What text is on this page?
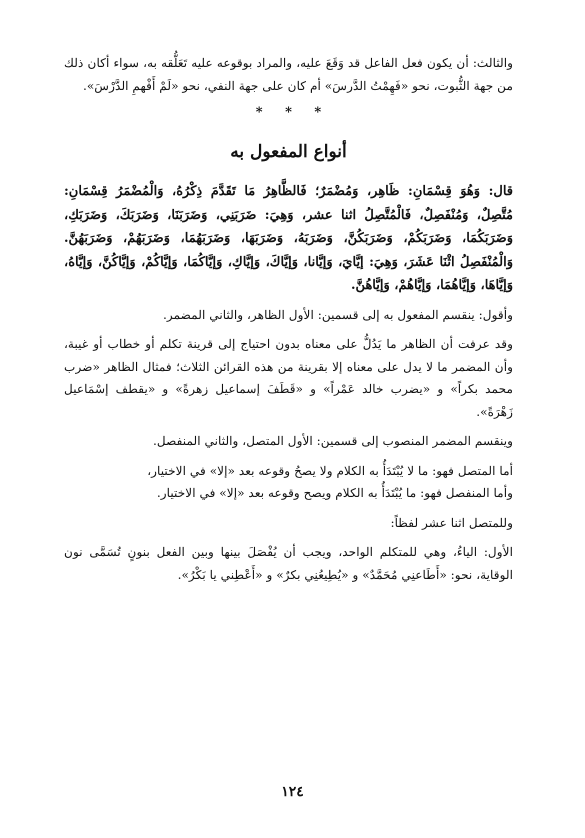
والثالث: أن يكون فعل الفاعل قد وَقَعَ عليه، والمراد بوقوعه عليه تَعَلُّقه به، سواء أكان ذلك من جهة الثُّبوت، نحو «فَهِمْتُ الدَّرسَ» أم كان على جهة النفي، نحو «لَمْ أَفْهمِ الدَّرْسَ».

* * *
أنواع المفعول به

قال: وَهُوَ قِسْمَانِ: ظَاهِر، وَمُضْمَرٌ؛ فَالظَّاهِرُ مَا تَقَدَّمَ ذِكْرُهُ، وَالْمُضْمَرُ قِسْمَانِ: مُتَّصِلٌ، وَمُنْفَصِلٌ، فَالْمُتَّصِلُ اثنا عشر، وَهِيَ: ضَرَبَنِي، وَضَرَبَنَا، وَضَرَبَكَ، وَضَرَبَكِ، وَضَرَبَكُمَا، وَضَرَبَكُمْ، وَضَرَبَكُنَّ، وَضَرَبَهُ، وَضَرَبَهَا، وَضَرَبَهُمَا، وَضَرَبَهُمْ، وَضَرَبَهُنَّ. وَالْمُنْفَصِلُ اثْنَا عَشَرَ، وَهِيَ: إيَّايَ، وَإيَّانا، وَإيَّاكَ، وَإيَّاكِ، وَإيَّاكُمَا، وَإيَّاكُمْ، وَإيَّاكُنَّ، وَإيَّاهُ، وَإيَّاهَا، وَإيَّاهُمَا، وَإيَّاهُمْ، وَإيَّاهُنَّ.

وأقول: ينقسم المفعول به إلى قسمين: الأول الظاهر، والثاني المضمر.

وقد عرفت أن الظاهر ما يَدُلُّ على معناه بدون احتياج إلى قرينة تكلم أو خطاب أو غيبة، وأن المضمر ما لا يدل على معناه إلا بقرينة من هذه القرائن الثلاث؛ فمثال الظاهر «ضرب محمد بكراً» و «يضرب خالد عَمْراً» و «قَطَفَ إسماعيل زهرةً» و «يقطف إسْمَاعيل زَهْرَةً».

وينقسم المضمر المنصوب إلى قسمين: الأول المتصل، والثاني المنفصل.

أما المتصل فهو: ما لا يُبْتَدَأُ به الكلام ولا يصحُ وقوعه بعد «إلا» في الاختيار،

وأما المنفصل فهو: ما يُبْتَدَأُ به الكلام ويصح وقوعه بعد «إلا» في الاختيار.

وللمتصل اثنا عشر لفظاً:

الأول: الياءُ، وهي للمتكلم الواحد، ويجب أن يُفْصَلَ بينها وبين الفعل بنونٍ تُسَمَّى نون الوقاية، نحو: «أَطَاعنِي مُحَمَّدٌ» و «يُطِيعُنِي بكرٌ» و «أَعْطِني يا بَكْرُ».

١٢٤
